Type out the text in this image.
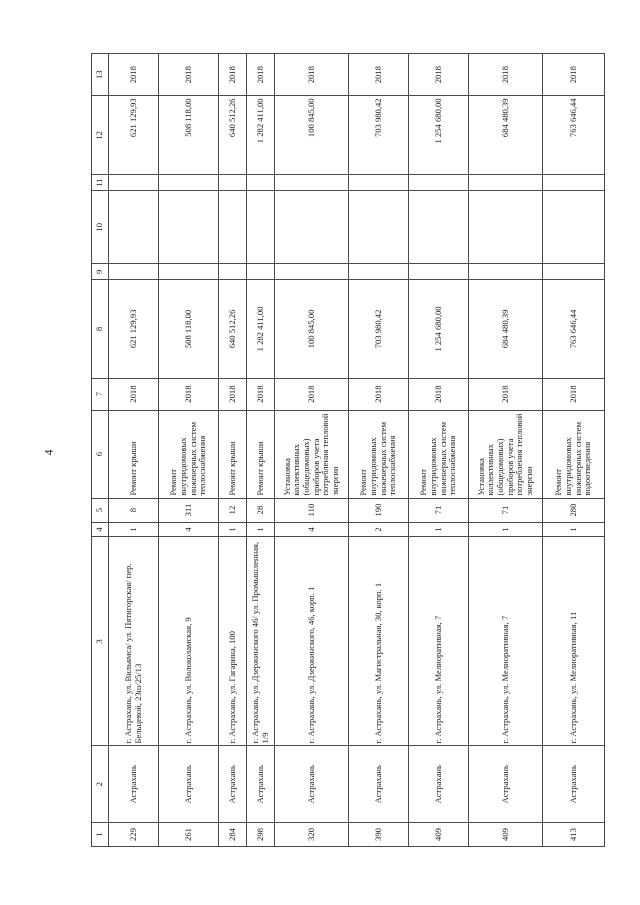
4
1	2	3	4	5	6	7	8	9	10	11	12	13
229	Астрахань	г. Астрахань, ул. Вильямса/ ул. Пятигорская/ пер. Бельцевой, 23ш/25/13	1	8	Ремонт крыши	2018	621 129,93				621 129,93	2018
261	Астрахань	г. Астрахань, ул. Волоколамская, 9	4	311	Ремонт внутридомовых инженерных систем теплоснабжения	2018	508 118,00				508 118,00	2018
284	Астрахань	г. Астрахань, ул. Гагарина, 100	1	12	Ремонт крыши	2018	640 512,26				640 512,26	2018
298	Астрахань	г. Астрахань, ул. Дзержинского 46/ ул. Промышленная, 1/9	1	28	Ремонт крыши	2018	1 282 411,00				1 282 411,00	2018
320	Астрахань	г. Астрахань, ул. Дзержинского, 46, корп. 1	4	110	Установка коллективных (общедомовых) приборов учета потребления тепловой энергии	2018	100 845,00				100 845,00	2018
390	Астрахань	г. Астрахань, ул. Магистральная, 30, корп. 1	2	190	Ремонт внутридомовых инженерных систем теплоснабжения	2018	703 980,42				703 980,42	2018
409	Астрахань	г. Астрахань, ул. Мелиоративная, 7	1	71	Ремонт внутридомовых инженерных систем теплоснабжения	2018	1 254 680,00				1 254 680,00	2018
409	Астрахань	г. Астрахань, ул. Мелиоративная, 7	1	71	Установка коллективных (общедомовых) приборов учета потребления тепловой энергии	2018	684 480,39				684 480,39	2018
413	Астрахань	г. Астрахань, ул. Мелиоративная, 11	1	280	Ремонт внутридомовых инженерных систем водоотведения	2018	763 646,44				763 646,44	2018
